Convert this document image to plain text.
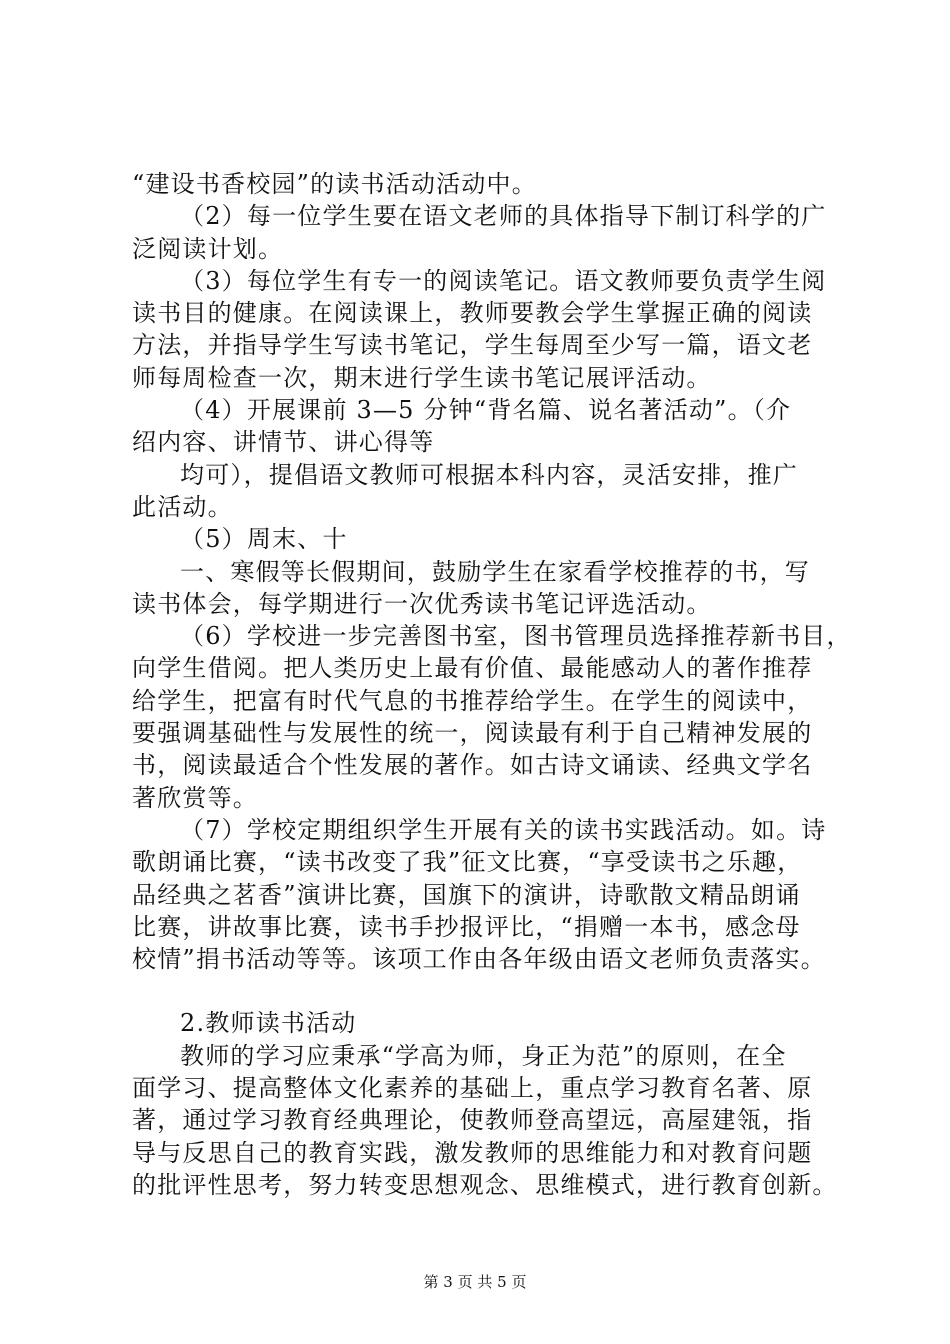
“建设书香校园”的读书活动活动中。
（2）每一位学生要在语文老师的具体指导下制订科学的广
泛阅读计划。
（3）每位学生有专一的阅读笔记。语文教师要负责学生阅
读书目的健康。在阅读课上，教师要教会学生掌握正确的阅读
方法，并指导学生写读书笔记，学生每周至少写一篇，语文老
师每周检查一次，期末进行学生读书笔记展评活动。
（4）开展课前 3—5 分钟“背名篇、说名著活动”。（介
绍内容、讲情节、讲心得等
均可），提倡语文教师可根据本科内容，灵活安排，推广
此活动。
（5）周末、十
一、寒假等长假期间，鼓励学生在家看学校推荐的书，写
读书体会，每学期进行一次优秀读书笔记评选活动。
（6）学校进一步完善图书室，图书管理员选择推荐新书目，
向学生借阅。把人类历史上最有价值、最能感动人的著作推荐
给学生，把富有时代气息的书推荐给学生。在学生的阅读中，
要强调基础性与发展性的统一，阅读最有利于自己精神发展的
书，阅读最适合个性发展的著作。如古诗文诵读、经典文学名
著欣赏等。
（7）学校定期组织学生开展有关的读书实践活动。如。诗
歌朗诵比赛，“读书改变了我”征文比赛，“享受读书之乐趣，
品经典之茗香”演讲比赛，国旗下的演讲，诗歌散文精品朗诵
比赛，讲故事比赛，读书手抄报评比，“捐赠一本书，感念母
校情”捐书活动等等。该项工作由各年级由语文老师负责落实。
2.教师读书活动
教师的学习应秉承“学高为师，身正为范”的原则，在全
面学习、提高整体文化素养的基础上，重点学习教育名著、原
著，通过学习教育经典理论，使教师登高望远，高屋建瓴，指
导与反思自己的教育实践，激发教师的思维能力和对教育问题
的批评性思考，努力转变思想观念、思维模式，进行教育创新。
第 3 页 共 5 页
